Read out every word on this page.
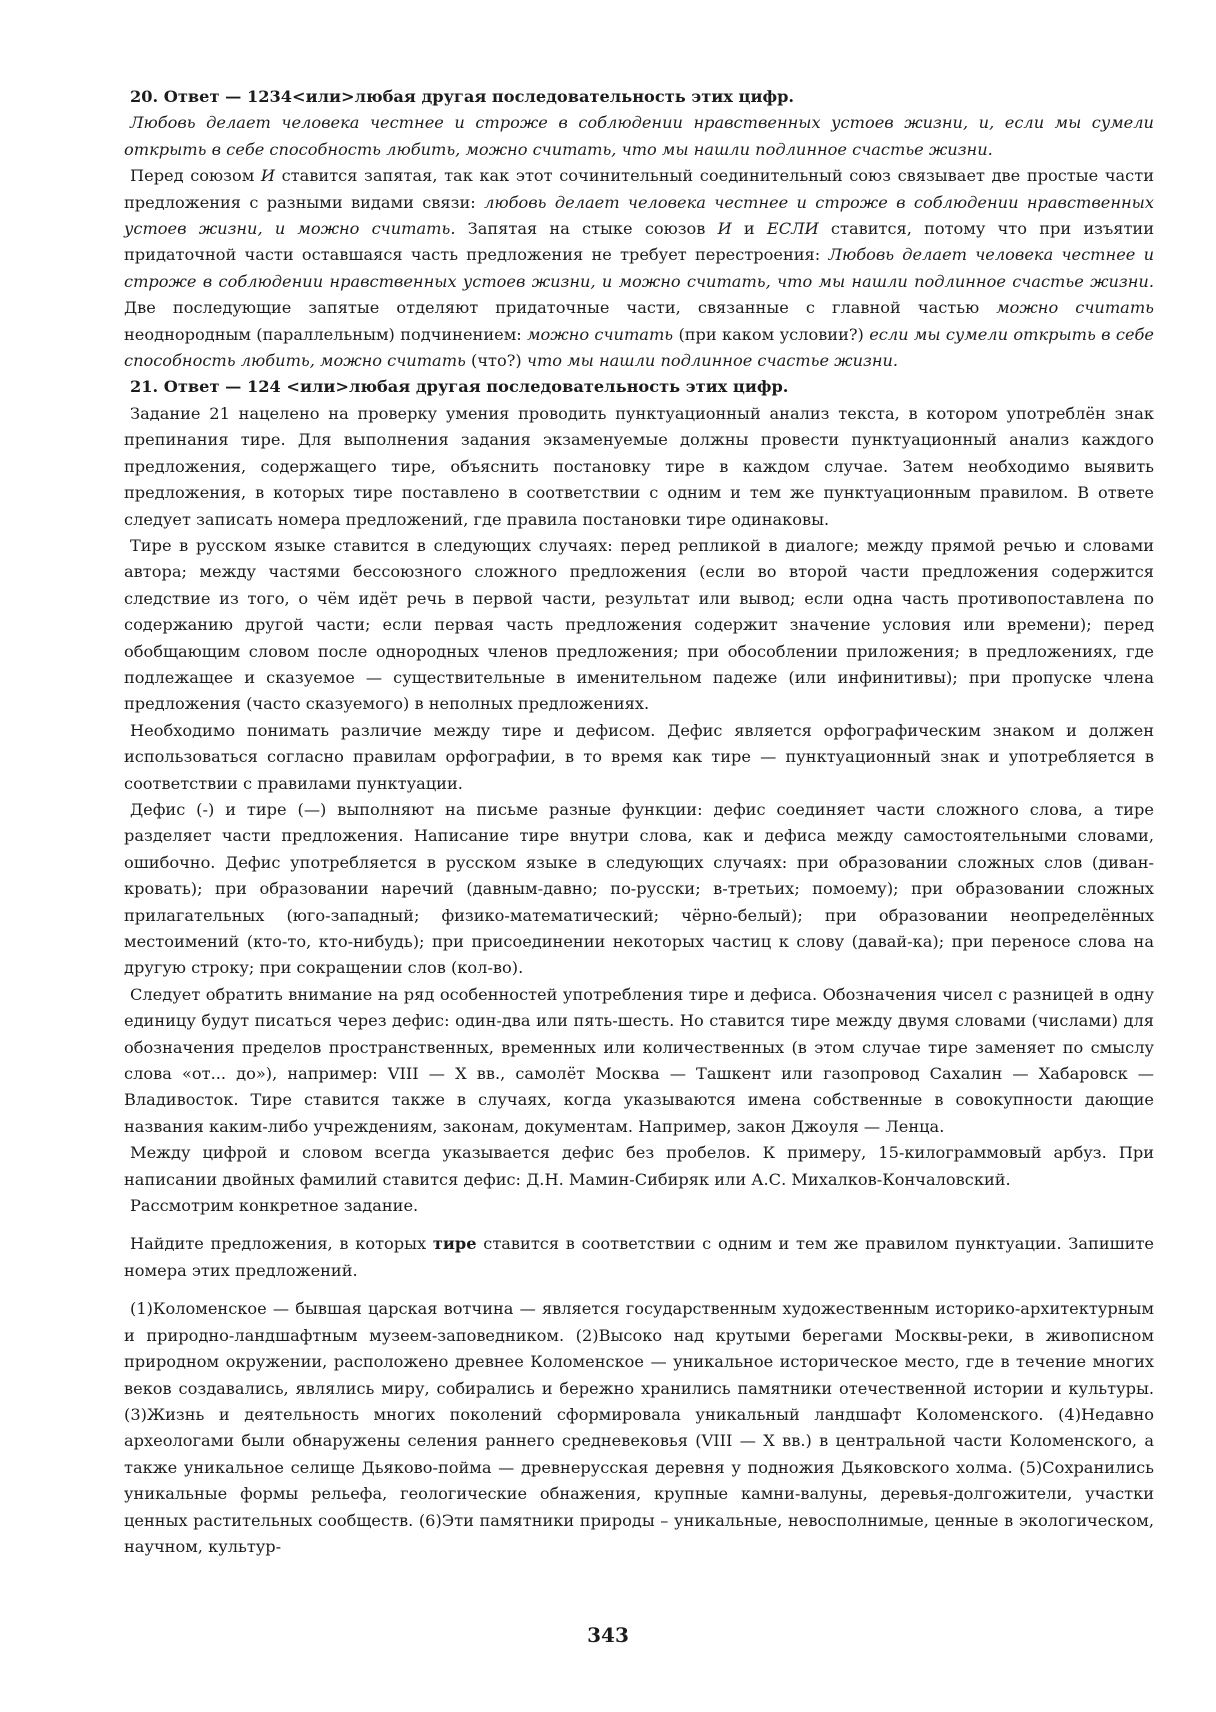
20. Ответ — 1234<или>любая другая последовательность этих цифр.

Любовь делает человека честнее и строже в соблюдении нравственных устоев жизни, и, если мы сумели открыть в себе способность любить, можно считать, что мы нашли подлинное счастье жизни.

Перед союзом И ставится запятая, так как этот сочинительный соединительный союз связывает две простые части предложения с разными видами связи: любовь делает человека честнее и строже в соблюдении нравственных устоев жизни, и можно считать. Запятая на стыке союзов И и ЕСЛИ ставится, потому что при изъятии придаточной части оставшаяся часть предложения не требует перестроения: Любовь делает человека честнее и строже в соблюдении нравственных устоев жизни, и можно считать, что мы нашли подлинное счастье жизни. Две последующие запятые отделяют придаточные части, связанные с главной частью можно считать неоднородным (параллельным) подчинением: можно считать (при каком условии?) если мы сумели открыть в себе способность любить, можно считать (что?) что мы нашли подлинное счастье жизни.

21. Ответ — 124 <или>любая другая последовательность этих цифр.

Задание 21 нацелено на проверку умения проводить пунктуационный анализ текста, в котором употреблён знак препинания тире. Для выполнения задания экзаменуемые должны провести пунктуационный анализ каждого предложения, содержащего тире, объяснить постановку тире в каждом случае. Затем необходимо выявить предложения, в которых тире поставлено в соответствии с одним и тем же пунктуационным правилом. В ответе следует записать номера предложений, где правила постановки тире одинаковы.

Тире в русском языке ставится в следующих случаях: перед репликой в диалоге; между прямой речью и словами автора; между частями бессоюзного сложного предложения (если во второй части предложения содержится следствие из того, о чём идёт речь в первой части, результат или вывод; если одна часть противопоставлена по содержанию другой части; если первая часть предложения содержит значение условия или времени); перед обобщающим словом после однородных членов предложения; при обособлении приложения; в предложениях, где подлежащее и сказуемое — существительные в именительном падеже (или инфинитивы); при пропуске члена предложения (часто сказуемого) в неполных предложениях.

Необходимо понимать различие между тире и дефисом. Дефис является орфографическим знаком и должен использоваться согласно правилам орфографии, в то время как тире — пунктуационный знак и употребляется в соответствии с правилами пунктуации.

Дефис (-) и тире (—) выполняют на письме разные функции: дефис соединяет части сложного слова, а тире разделяет части предложения. Написание тире внутри слова, как и дефиса между самостоятельными словами, ошибочно. Дефис употребляется в русском языке в следующих случаях: при образовании сложных слов (диван-кровать); при образовании наречий (давным-давно; по-русски; в-третьих; помоему); при образовании сложных прилагательных (юго-западный; физико-математический; чёрно-белый); при образовании неопределённых местоимений (кто-то, кто-нибудь); при присоединении некоторых частиц к слову (давай-ка); при переносе слова на другую строку; при сокращении слов (кол-во).

Следует обратить внимание на ряд особенностей употребления тире и дефиса. Обозначения чисел с разницей в одну единицу будут писаться через дефис: один-два или пять-шесть. Но ставится тире между двумя словами (числами) для обозначения пределов пространственных, временных или количественных (в этом случае тире заменяет по смыслу слова «от... до»), например: VIII — X вв., самолёт Москва — Ташкент или газопровод Сахалин — Хабаровск — Владивосток. Тире ставится также в случаях, когда указываются имена собственные в совокупности дающие названия каким-либо учреждениям, законам, документам. Например, закон Джоуля — Ленца.

Между цифрой и словом всегда указывается дефис без пробелов. К примеру, 15-килограммовый арбуз. При написании двойных фамилий ставится дефис: Д.Н. Мамин-Сибиряк или А.С. Михалков-Кончаловский.

Рассмотрим конкретное задание.

Найдите предложения, в которых тире ставится в соответствии с одним и тем же правилом пунктуации. Запишите номера этих предложений.

(1)Коломенское — бывшая царская вотчина — является государственным художественным историко-архитектурным и природно-ландшафтным музеем-заповедником. (2)Высоко над крутыми берегами Москвы-реки, в живописном природном окружении, расположено древнее Коломенское — уникальное историческое место, где в течение многих веков создавались, являлись миру, собирались и бережно хранились памятники отечественной истории и культуры. (3)Жизнь и деятельность многих поколений сформировала уникальный ландшафт Коломенского. (4)Недавно археологами были обнаружены селения раннего средневековья (VIII — X вв.) в центральной части Коломенского, а также уникальное селище Дьяково-пойма — древнерусская деревня у подножия Дьяковского холма. (5)Сохранились уникальные формы рельефа, геологические обнажения, крупные камни-валуны, деревья-долгожители, участки ценных растительных сообществ. (6)Эти памятники природы – уникальные, невосполнимые, ценные в экологическом, научном, культур-

343
